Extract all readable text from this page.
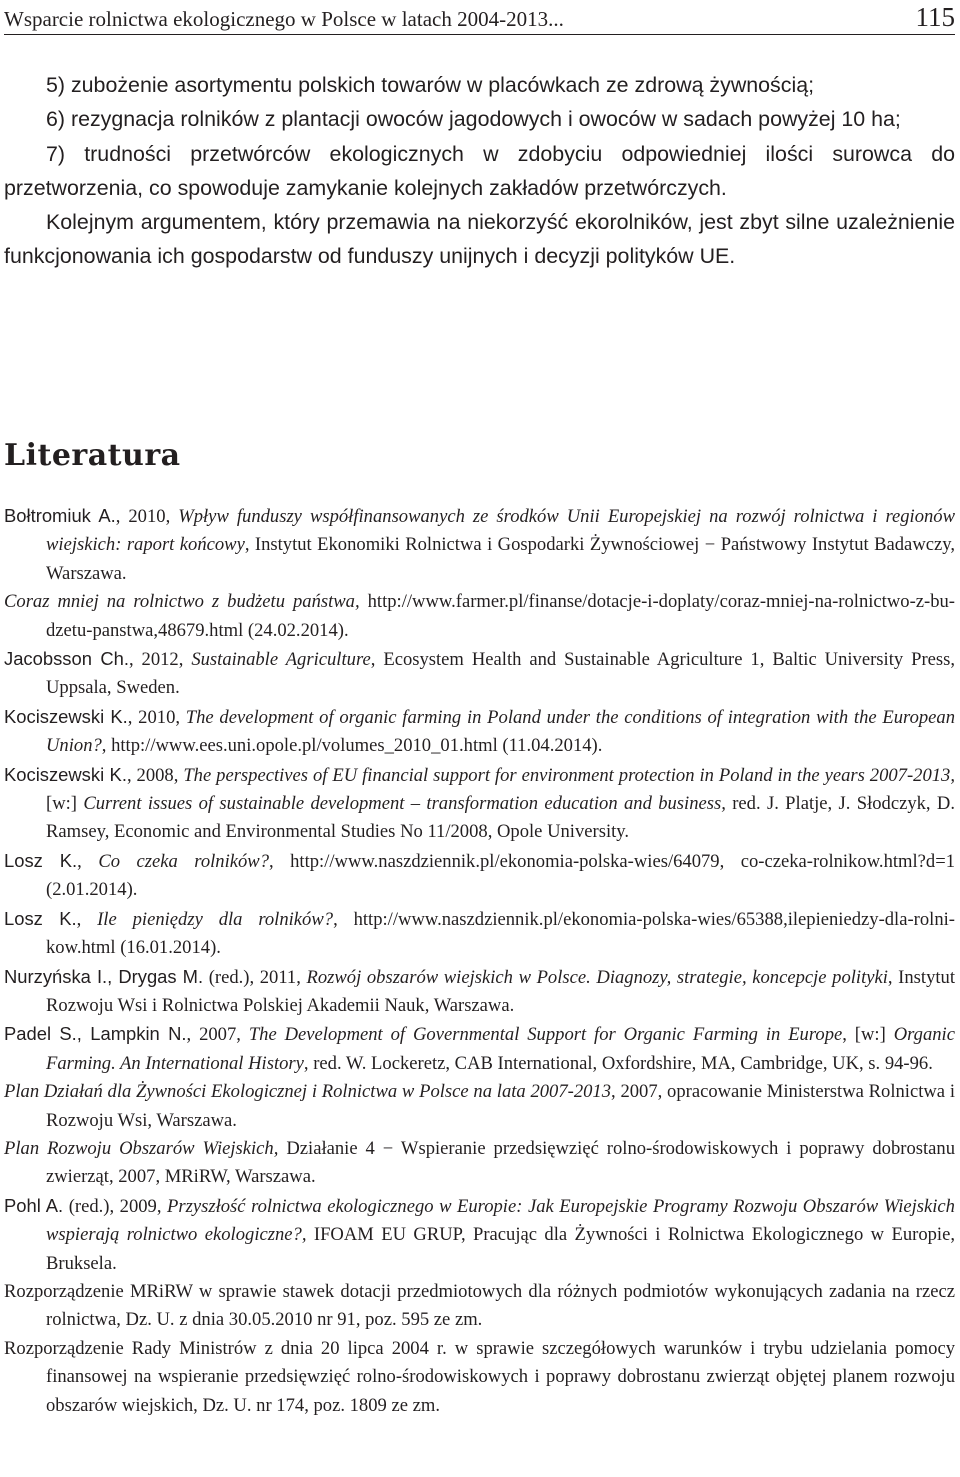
Wsparcie rolnictwa ekologicznego w Polsce w latach 2004-2013...	115

5) zubożenie asortymentu polskich towarów w placówkach ze zdrową żywnością;

6) rezygnacja rolników z plantacji owoców jagodowych i owoców w sadach powyżej 10 ha;

7) trudności przetwórców ekologicznych w zdobyciu odpowiedniej ilości surowca do przetworzenia, co spowoduje zamykanie kolejnych zakładów przetwórczych.

Kolejnym argumentem, który przemawia na niekorzyść ekorolników, jest zbyt silne uzależnienie funkcjonowania ich gospodarstw od funduszy unijnych i decyzji polityków UE.

Literatura

Bołtromiuk A., 2010, Wpływ funduszy współfinansowanych ze środków Unii Europejskiej na rozwój rolnictwa i regionów wiejskich: raport końcowy, Instytut Ekonomiki Rolnictwa i Gospodarki Żywnościowej − Państwowy Instytut Badawczy, Warszawa.

Coraz mniej na rolnictwo z budżetu państwa, http://www.farmer.pl/finanse/dotacje-i-doplaty/coraz-mniej-na-rolnictwo-z-bu-dzetu-panstwa,48679.html (24.02.2014).

Jacobsson Ch., 2012, Sustainable Agriculture, Ecosystem Health and Sustainable Agriculture 1, Baltic University Press, Uppsala, Sweden.

Kociszewski K., 2010, The development of organic farming in Poland under the conditions of integration with the European Union?, http://www.ees.uni.opole.pl/volumes_2010_01.html (11.04.2014).

Kociszewski K., 2008, The perspectives of EU financial support for environment protection in Poland in the years 2007-2013, [w:] Current issues of sustainable development – transformation education and business, red. J. Platje, J. Słodczyk, D. Ramsey, Economic and Environmental Studies No 11/2008, Opole University.

Losz K., Co czeka rolników?, http://www.naszdziennik.pl/ekonomia-polska-wies/64079, co-czeka-rolnikow.html?d=1 (2.01.2014).

Losz K., Ile pieniędzy dla rolników?, http://www.naszdziennik.pl/ekonomia-polska-wies/65388,ilepieniedzy-dla-rolni-kow.html (16.01.2014).

Nurzyńska I., Drygas M. (red.), 2011, Rozwój obszarów wiejskich w Polsce. Diagnozy, strategie, koncepcje polityki, Instytut Rozwoju Wsi i Rolnictwa Polskiej Akademii Nauk, Warszawa.

Padel S., Lampkin N., 2007, The Development of Governmental Support for Organic Farming in Europe, [w:] Organic Farming. An International History, red. W. Lockeretz, CAB International, Oxfordshire, MA, Cambridge, UK, s. 94-96.

Plan Działań dla Żywności Ekologicznej i Rolnictwa w Polsce na lata 2007-2013, 2007, opracowanie Ministerstwa Rolnictwa i Rozwoju Wsi, Warszawa.

Plan Rozwoju Obszarów Wiejskich, Działanie 4 − Wspieranie przedsięwzięć rolno-środowiskowych i poprawy dobrostanu zwierząt, 2007, MRiRW, Warszawa.

Pohl A. (red.), 2009, Przyszłość rolnictwa ekologicznego w Europie: Jak Europejskie Programy Rozwoju Obszarów Wiejskich wspierają rolnictwo ekologiczne?, IFOAM EU GRUP, Pracując dla Żywności i Rolnictwa Ekologicznego w Europie, Bruksela.

Rozporządzenie MRiRW w sprawie stawek dotacji przedmiotowych dla różnych podmiotów wykonujących zadania na rzecz rolnictwa, Dz. U. z dnia 30.05.2010 nr 91, poz. 595 ze zm.

Rozporządzenie Rady Ministrów z dnia 20 lipca 2004 r. w sprawie szczegółowych warunków i trybu udzielania pomocy finansowej na wspieranie przedsięwzięć rolno-środowiskowych i poprawy dobrostanu zwierząt objętej planem rozwoju obszarów wiejskich, Dz. U. nr 174, poz. 1809 ze zm.
